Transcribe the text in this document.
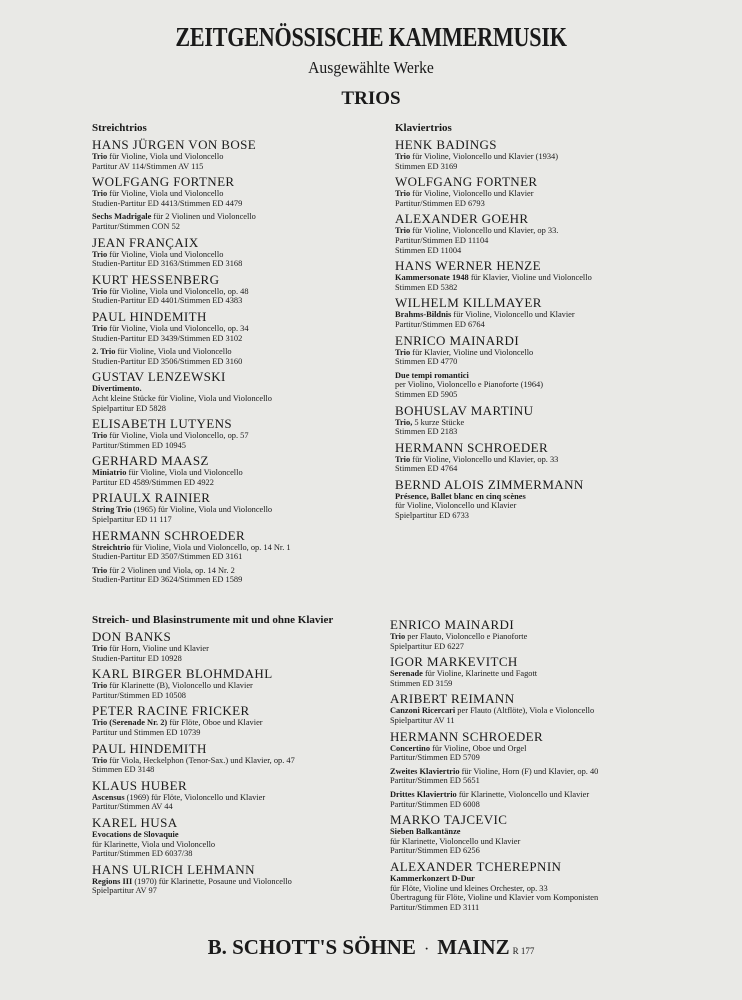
ZEITGENÖSSISCHE KAMMERMUSIK
Ausgewählte Werke
TRIOS
Streichtrios
HANS JÜRGEN VON BOSE
Trio für Violine, Viola und Violoncello
Partitur AV 114/Stimmen AV 115
WOLFGANG FORTNER
Trio für Violine, Viola und Violoncello
Studien-Partitur ED 4413/Stimmen ED 4479
Sechs Madrigale für 2 Violinen und Violoncello
Partitur/Stimmen CON 52
JEAN FRANÇAIX
Trio für Violine, Viola und Violoncello
Studien-Partitur ED 3163/Stimmen ED 3168
KURT HESSENBERG
Trio für Violine, Viola und Violoncello, op. 48
Studien-Partitur ED 4401/Stimmen ED 4383
PAUL HINDEMITH
Trio für Violine, Viola und Violoncello, op. 34
Studien-Partitur ED 3439/Stimmen ED 3102
2. Trio für Violine, Viola und Violoncello
Studien-Partitur ED 3506/Stimmen ED 3160
GUSTAV LENZEWSKI
Divertimento.
Acht kleine Stücke für Violine, Viola und Violoncello
Spielpartitur ED 5828
ELISABETH LUTYENS
Trio für Violine, Viola und Violoncello, op. 57
Partitur/Stimmen ED 10945
GERHARD MAASZ
Miniatrio für Violine, Viola und Violoncello
Partitur ED 4589/Stimmen ED 4922
PRIAULX RAINIER
String Trio (1965) für Violine, Viola und Violoncello
Spielpartitur ED 11 117
HERMANN SCHROEDER
Streichtrio für Violine, Viola und Violoncello, op. 14 Nr. 1
Studien-Partitur ED 3507/Stimmen ED 3161
Trio für 2 Violinen und Viola, op. 14 Nr. 2
Studien-Partitur ED 3624/Stimmen ED 1589
Klaviertrios
HENK BADINGS
Trio für Violine, Violoncello und Klavier (1934)
Stimmen ED 3169
WOLFGANG FORTNER
Trio für Violine, Violoncello und Klavier
Partitur/Stimmen ED 6793
ALEXANDER GOEHR
Trio für Violine, Violoncello und Klavier, op 33.
Partitur/Stimmen ED 11104
Stimmen ED 11004
HANS WERNER HENZE
Kammersonate 1948 für Klavier, Violine und Violoncello
Stimmen ED 5382
WILHELM KILLMAYER
Brahms-Bildnis für Violine, Violoncello und Klavier
Partitur/Stimmen ED 6764
ENRICO MAINARDI
Trio für Klavier, Violine und Violoncello
Stimmen ED 4770
Due tempi romantici
per Violino, Violoncello e Pianoforte (1964)
Stimmen ED 5905
BOHUSLAV MARTINU
Trio, 5 kurze Stücke
Stimmen ED 2183
HERMANN SCHROEDER
Trio für Violine, Violoncello und Klavier, op. 33
Stimmen ED 4764
BERND ALOIS ZIMMERMANN
Présence, Ballet blanc en cinq scènes
für Violine, Violoncello und Klavier
Spielpartitur ED 6733
Streich- und Blasinstrumente mit und ohne Klavier
DON BANKS
Trio für Horn, Violine und Klavier
Studien-Partitur ED 10928
KARL BIRGER BLOHMDAHL
Trio für Klarinette (B), Violoncello und Klavier
Partitur/Stimmen ED 10508
PETER RACINE FRICKER
Trio (Serenade Nr. 2) für Flöte, Oboe und Klavier
Partitur und Stimmen ED 10739
PAUL HINDEMITH
Trio für Viola, Heckelphon (Tenor-Sax.) und Klavier, op. 47
Stimmen ED 3148
KLAUS HUBER
Ascensus (1969) für Flöte, Violoncello und Klavier
Partitur/Stimmen AV 44
KAREL HUSA
Evocations de Slovaquie
für Klarinette, Viola und Violoncello
Partitur/Stimmen ED 6037/38
HANS ULRICH LEHMANN
Regions III (1970) für Klarinette, Posaune und Violoncello
Spielpartitur AV 97
ENRICO MAINARDI
Trio per Flauto, Violoncello e Pianoforte
Spielpartitur ED 6227
IGOR MARKEVITCH
Serenade für Violine, Klarinette und Fagott
Stimmen ED 3159
ARIBERT REIMANN
Canzoni Ricercari per Flauto (Altflöte), Viola e Violoncello
Spielpartitur AV 11
HERMANN SCHROEDER
Concertino für Violine, Oboe und Orgel
Partitur/Stimmen ED 5709
Zweites Klaviertrio für Violine, Horn (F) und Klavier, op. 40
Partitur/Stimmen ED 5651
Drittes Klaviertrio für Klarinette, Violoncello und Klavier
Partitur/Stimmen ED 6008
MARKO TAJCEVIC
Sieben Balkantänze
für Klarinette, Violoncello und Klavier
Partitur/Stimmen ED 6256
ALEXANDER TCHEREPNIN
Kammerkonzert D-Dur
für Flöte, Violine und kleines Orchester, op. 33
Übertragung für Flöte, Violine und Klavier vom Komponisten
Partitur/Stimmen ED 3111
B. SCHOTT'S SÖHNE · MAINZ R 177
